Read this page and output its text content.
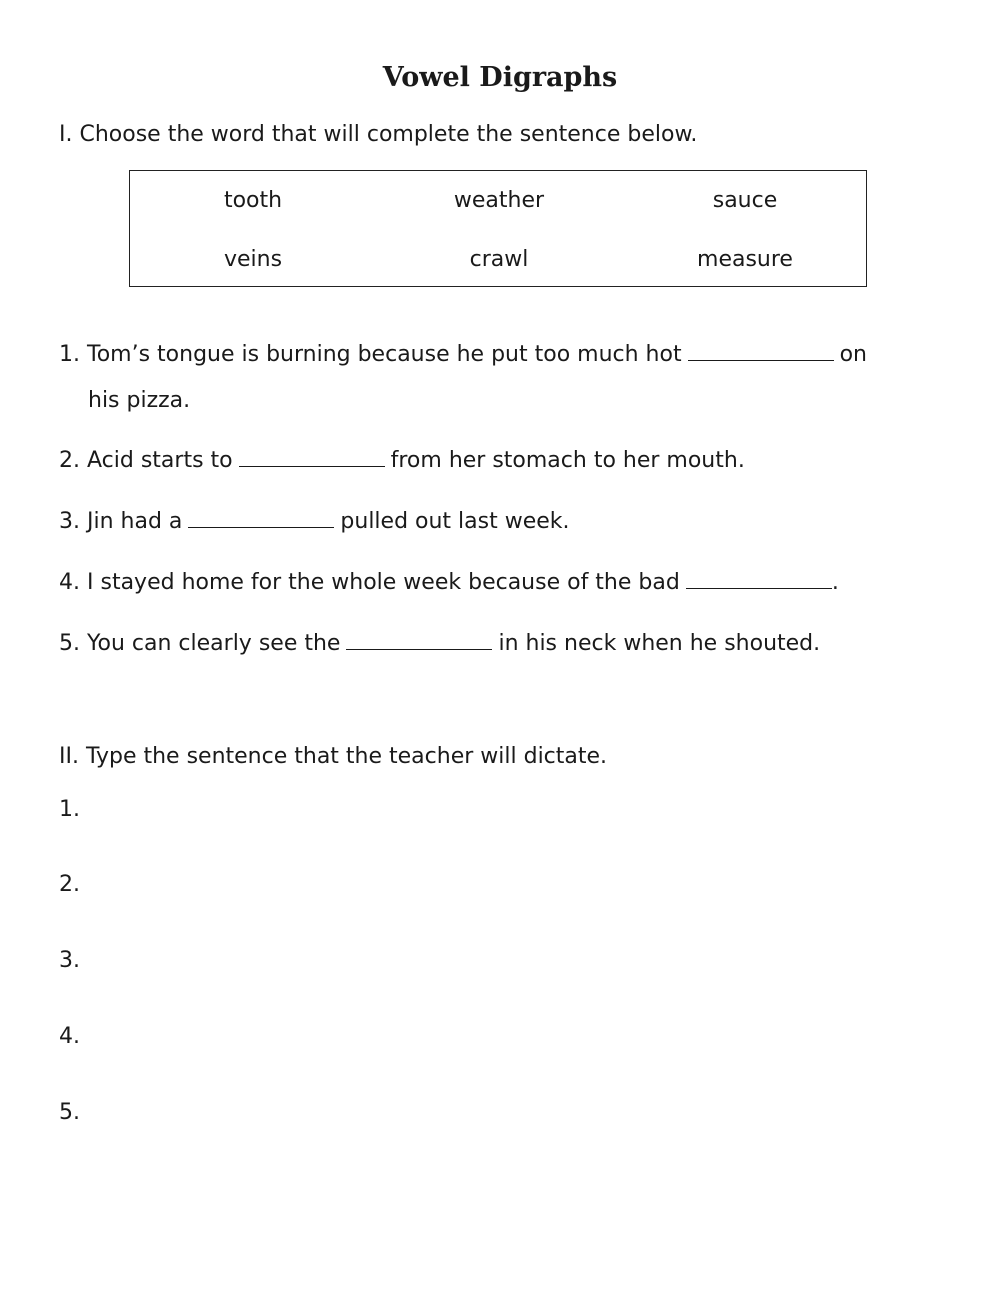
Vowel Digraphs

I. Choose the word that will complete the sentence below.

tooth	weather	sauce
veins	crawl	measure
1. Tom’s tongue is burning because he put too much hot	on
his pizza.
2. Acid starts to	from her stomach to her mouth.
3. Jin had a	pulled out last week.
4. I stayed home for the whole week because of the bad	.
5. You can clearly see the	in his neck when he shouted.

II. Type the sentence that the teacher will dictate.

1.
2.
3.
4.
5.
